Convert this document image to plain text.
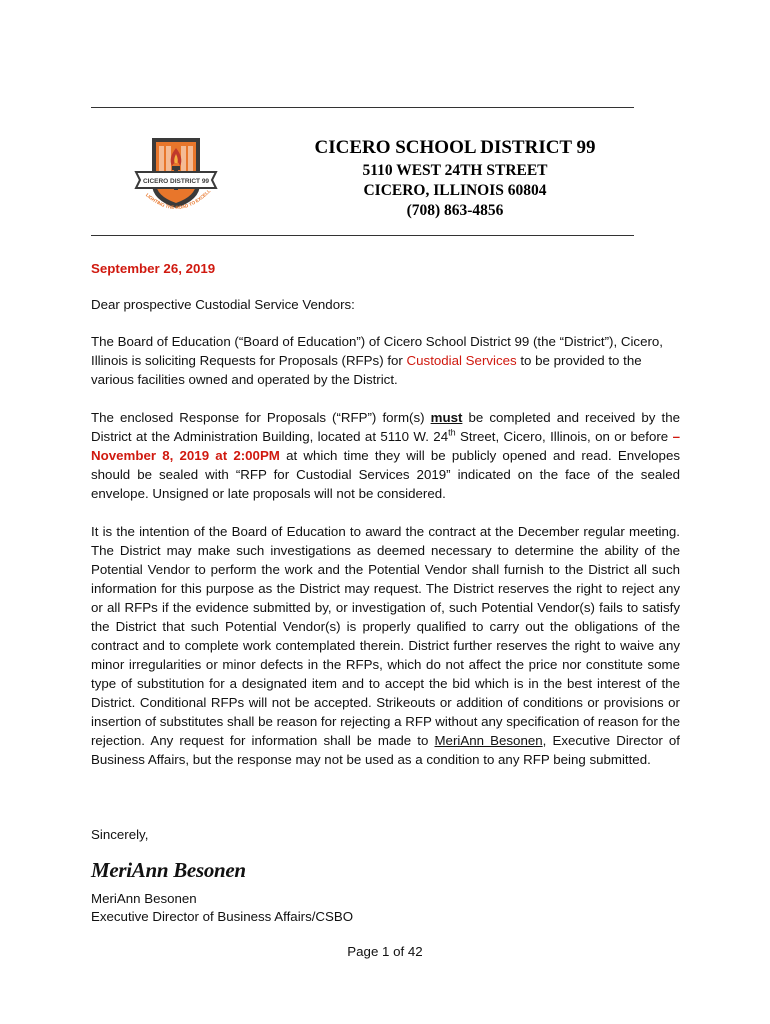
CICERO DISTRICT 99
LIGHTING THE ROAD TO EXCELL
CICERO SCHOOL DISTRICT 99
5110 WEST 24TH STREET
CICERO, ILLINOIS 60804
(708) 863-4856
September 26, 2019
Dear prospective Custodial Service Vendors:
The Board of Education (“Board of Education”) of Cicero School District 99 (the “District”), Cicero, Illinois is soliciting Requests for Proposals (RFPs) for Custodial Services to be provided to the various facilities owned and operated by the District.
The enclosed Response for Proposals (“RFP”) form(s) must be completed and received by the District at the Administration Building, located at 5110 W. 24th Street, Cicero, Illinois, on or before – November 8, 2019 at 2:00PM at which time they will be publicly opened and read. Envelopes should be sealed with “RFP for Custodial Services 2019” indicated on the face of the sealed envelope. Unsigned or late proposals will not be considered.
It is the intention of the Board of Education to award the contract at the December regular meeting. The District may make such investigations as deemed necessary to determine the ability of the Potential Vendor to perform the work and the Potential Vendor shall furnish to the District all such information for this purpose as the District may request. The District reserves the right to reject any or all RFPs if the evidence submitted by, or investigation of, such Potential Vendor(s) fails to satisfy the District that such Potential Vendor(s) is properly qualified to carry out the obligations of the contract and to complete work contemplated therein. District further reserves the right to waive any minor irregularities or minor defects in the RFPs, which do not affect the price nor constitute some type of substitution for a designated item and to accept the bid which is in the best interest of the District. Conditional RFPs will not be accepted. Strikeouts or addition of conditions or provisions or insertion of substitutes shall be reason for rejecting a RFP without any specification of reason for the rejection. Any request for information shall be made to MeriAnn Besonen, Executive Director of Business Affairs, but the response may not be used as a condition to any RFP being submitted.
Sincerely,
MeriAnn Besonen
MeriAnn Besonen
Executive Director of Business Affairs/CSBO
Page 1 of 42
